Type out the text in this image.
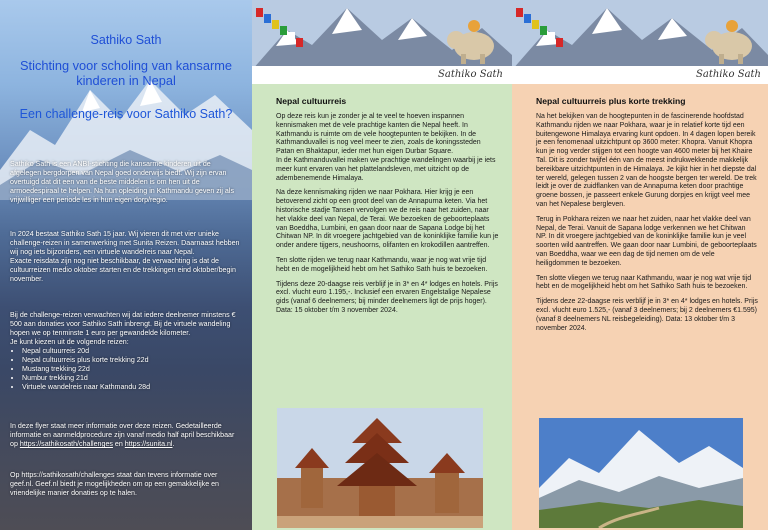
Sathiko Sath
Stichting voor scholing van kansarme kinderen in Nepal
Een challenge-reis voor Sathiko Sath?

Sathiko Sath is een ANBI-stichting die kansarme kinderen uit de afgelegen bergdorpen van Nepal goed onderwijs biedt. Wij zijn ervan overtuigd dat dit een van de beste middelen is om hen uit de armoedespiraal te helpen. Na hun opleiding in Kathmandu geven zij als vrijwilliger een periode les in hun eigen dorp/regio.

In 2024 bestaat Sathiko Sath 15 jaar. Wij vieren dit met vier unieke challenge-reizen in samenwerking met Sunita Reizen. Daarnaast hebben wij nog iets bijzonders, een virtuele wandelreis naar Nepal.

Exacte reisdata zijn nog niet beschikbaar, de verwachting is dat de cultuurreizen medio oktober starten en de trekkingen eind oktober/begin november.

Bij de challenge-reizen verwachten wij dat iedere deelnemer minstens € 500 aan donaties voor Sathiko Sath inbrengt. Bij de virtuele wandeling hopen we op tenminste 1 euro per gewandelde kilometer.

Je kunt kiezen uit de volgende reizen:

• Nepal cultuurreis 20d
• Nepal cultuurreis plus korte trekking 22d
• Mustang trekking 22d
• Numbur trekking 21d
• Virtuele wandelreis naar Kathmandu 28d

In deze flyer staat meer informatie over deze reizen. Gedetailleerde informatie en aanmeldprocedure zijn vanaf medio half april beschikbaar op https://sathikosath/challenges en https://sunita.nl.

Op https://sathikosath/challenges staat dan tevens informatie over geef.nl. Geef.nl biedt je mogelijkheden om op een gemakkelijke en vriendelijke manier donaties op te halen.

Sathiko Sath
Nepal cultuurreis

Op deze reis kun je zonder je al te veel te hoeven inspannen kennismaken met de vele prachtige kanten die Nepal heeft. In Kathmandu is ruimte om de vele hoogtepunten te bekijken. In de Kathmanduvallei is nog veel meer te zien, zoals de koningssteden Patan en Bhaktapur, ieder met hun eigen Durbar Square.
In de Kathmanduvallei maken we prachtige wandelingen waarbij je iets meer kunt ervaren van het plattelandsleven, met uitzicht op de adembenemende Himalaya.

Na deze kennismaking rijden we naar Pokhara. Hier krijg je een betoverend zicht op een groot deel van de Annapurna keten. Via het historische stadje Tansen vervolgen we de reis naar het zuiden, naar het vlakke deel van Nepal, de Terai. We bezoeken de geboorteplaats van Boeddha, Lumbini, en gaan door naar de Sapana Lodge bij het Chitwan NP. In dit vroegere jachtgebied van de koninklijke familie kun je onder andere tijgers, neushoorns, olifanten en krokodillen aantreffen.

Ten slotte rijden we terug naar Kathmandu, waar je nog wat vrije tijd hebt en de mogelijkheid hebt om het Sathiko Sath huis te bezoeken.

Tijdens deze 20-daagse reis verblijf je in 3* en 4* lodges en hotels. Prijs excl. vlucht euro 1.195,-. Inclusief een ervaren Engelstalige Nepalese gids (vanaf 6 deelnemers; bij minder deelnemers ligt de prijs hoger). Data: 15 oktober t/m 3 november 2024.

Sathiko Sath
Nepal cultuurreis plus korte trekking

Na het bekijken van de hoogtepunten in de fascinerende hoofdstad Kathmandu rijden we naar Pokhara, waar je in relatief korte tijd een buitengewone Himalaya ervaring kunt opdoen. In 4 dagen lopen bereik je een fenomenaal uitzichtpunt op 3600 meter: Khopra. Vanuit Khopra kun je nog verder stijgen tot een hoogte van 4600 meter bij het Khaire Tal. Dit is zonder twijfel één van de meest indrukwekkende makkelijk bereikbare uitzichtpunten in de Himalaya. Je kijkt hier in het diepste dal ter wereld, gelegen tussen 2 van de hoogste bergen ter wereld. De trek leidt je over de zuidflanken van de Annapurna keten door prachtige groene bossen, je passeert enkele Gurung dorpjes en krijgt veel mee van het Nepalese bergleven.

Terug in Pokhara reizen we naar het zuiden, naar het vlakke deel van Nepal, de Terai. Vanuit de Sapana lodge verkennen we het Chitwan NP. In dit vroegere jachtgebied van de koninklijke familie kun je veel soorten wild aantreffen. We gaan door naar Lumbini, de geboorteplaats van Boeddha, waar we een dag de tijd nemen om de vele heiligdommen te bezoeken.

Ten slotte vliegen we terug naar Kathmandu, waar je nog wat vrije tijd hebt en de mogelijkheid hebt om het Sathiko Sath huis te bezoeken.

Tijdens deze 22-daagse reis verblijf je in 3* en 4* lodges en hotels. Prijs excl. vlucht euro 1.525,- (vanaf 3 deelnemers; bij 2 deelnemers €1.595) (vanaf 8 deelnemers NL reisbegeleiding). Data: 13 oktober t/m 3 november 2024.
